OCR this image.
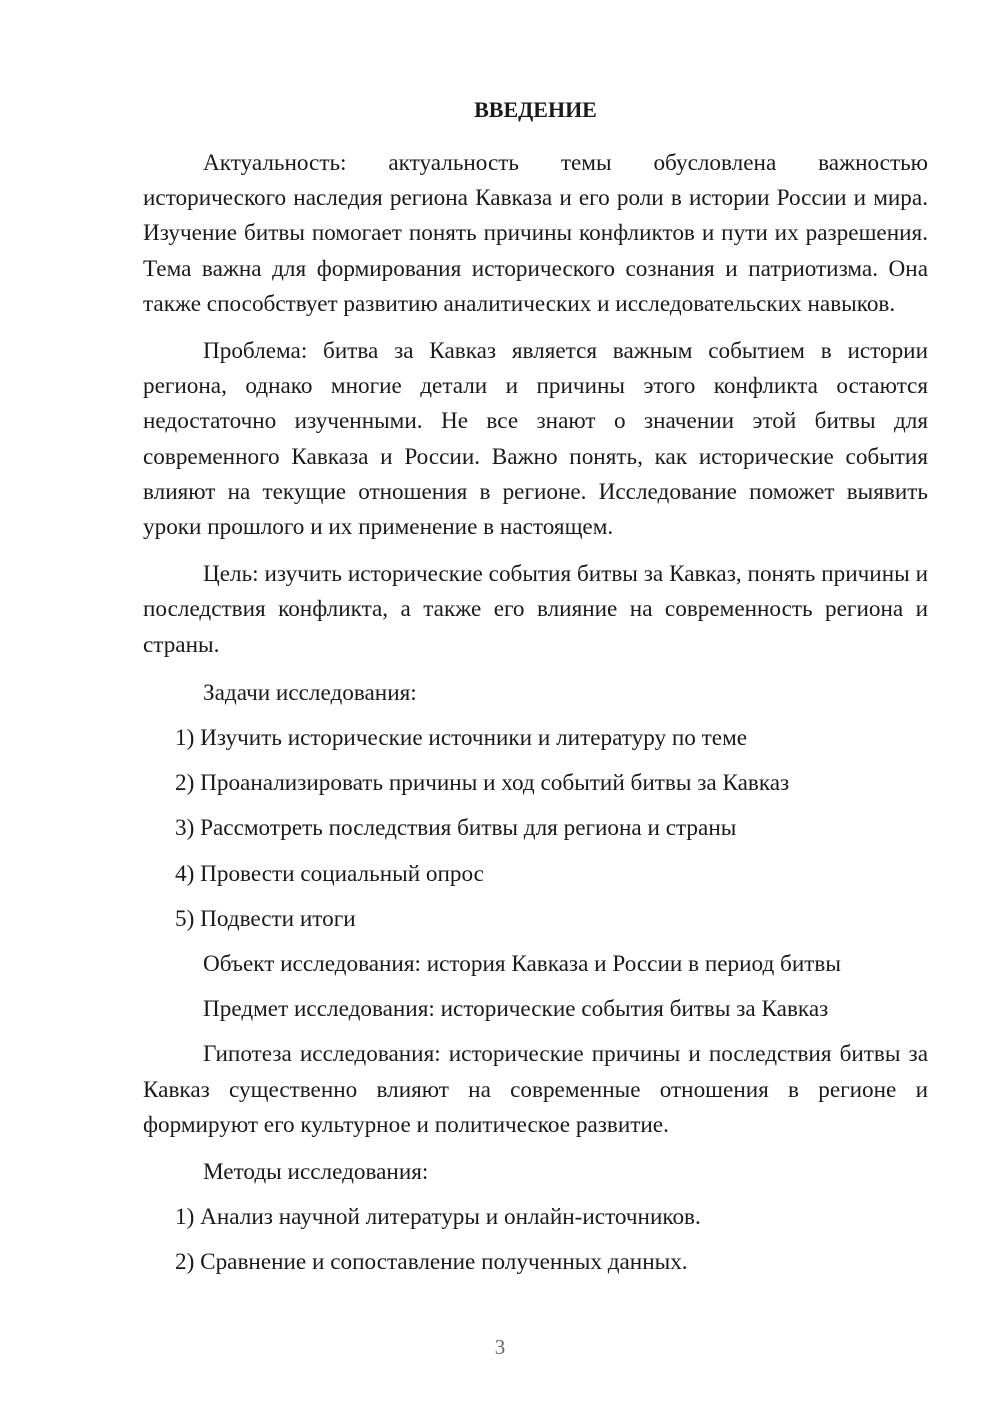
ВВЕДЕНИЕ

Актуальность: актуальность темы обусловлена важностью исторического наследия региона Кавказа и его роли в истории России и мира. Изучение битвы помогает понять причины конфликтов и пути их разрешения. Тема важна для формирования исторического сознания и патриотизма. Она также способствует развитию аналитических и исследовательских навыков.

Проблема: битва за Кавказ является важным событием в истории региона, однако многие детали и причины этого конфликта остаются недостаточно изученными. Не все знают о значении этой битвы для современного Кавказа и России. Важно понять, как исторические события влияют на текущие отношения в регионе. Исследование поможет выявить уроки прошлого и их применение в настоящем.

Цель: изучить исторические события битвы за Кавказ, понять причины и последствия конфликта, а также его влияние на современность региона и страны.

Задачи исследования:

1) Изучить исторические источники и литературу по теме

2) Проанализировать причины и ход событий битвы за Кавказ

3) Рассмотреть последствия битвы для региона и страны

4) Провести социальный опрос

5) Подвести итоги

Объект исследования: история Кавказа и России в период битвы

Предмет исследования: исторические события битвы за Кавказ

Гипотеза исследования: исторические причины и последствия битвы за Кавказ существенно влияют на современные отношения в регионе и формируют его культурное и политическое развитие.

Методы исследования:

1) Анализ научной литературы и онлайн-источников.

2) Сравнение и сопоставление полученных данных.

3
